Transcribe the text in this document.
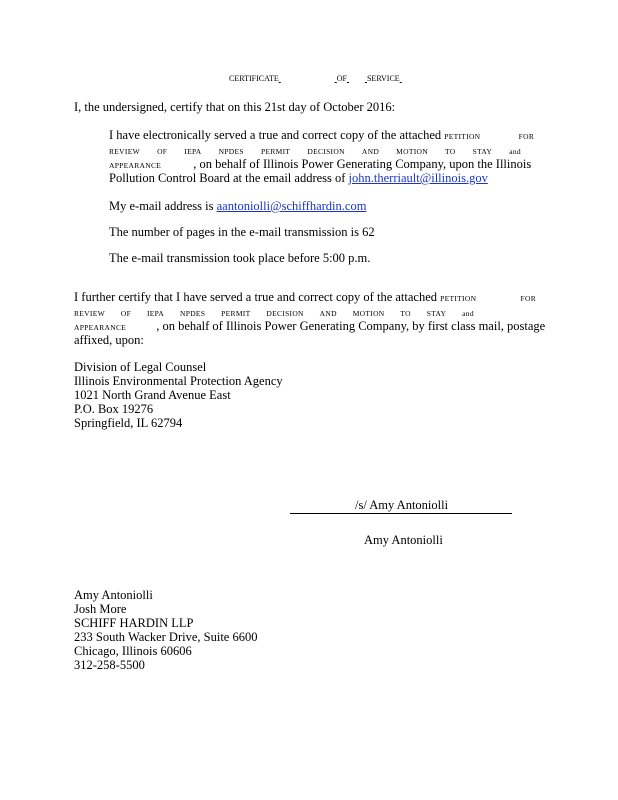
CERTIFICATE	OF	SERVICE
I, the undersigned, certify that on this 21st day of October 2016:
I have electronically served a true and correct copy of the attached PETITION	FOR
REVIEW OF IEPA NPDES PERMIT DECISION AND MOTION TO STAY and
APPEARANCE	, on behalf of Illinois Power Generating Company, upon the Illinois
Pollution Control Board at the email address of john.therriault@illinois.gov
My e-mail address is aantoniolli@schiffhardin.com
The number of pages in the e-mail transmission is 62
The e-mail transmission took place before 5:00 p.m.
I further certify that I have served a true and correct copy of the attached PETITION	FOR
REVIEW OF IEPA NPDES PERMIT DECISION AND MOTION TO STAY and
APPEARANCE , on behalf of Illinois Power Generating Company, by first class mail, postage
affixed, upon:
Division of Legal Counsel
Illinois Environmental Protection Agency
1021 North Grand Avenue East
P.O. Box 19276
Springfield, IL 62794
/s/ Amy Antoniolli
Amy Antoniolli
Amy Antoniolli
Josh More
SCHIFF HARDIN LLP
233 South Wacker Drive, Suite 6600
Chicago, Illinois 60606
312-258-5500
